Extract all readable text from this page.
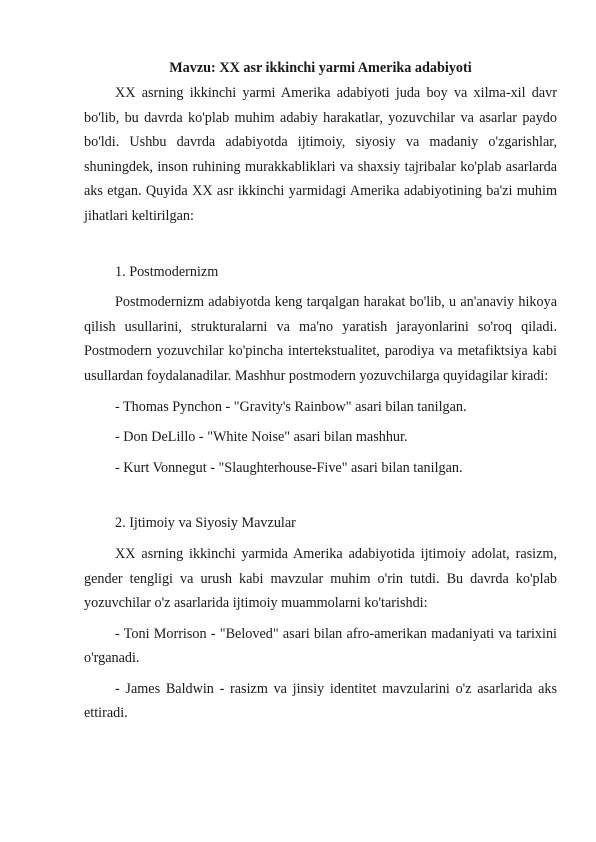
Mavzu: XX asr ikkinchi yarmi Amerika adabiyoti

XX asrning ikkinchi yarmi Amerika adabiyoti juda boy va xilma-xil davr bo'lib, bu davrda ko'plab muhim adabiy harakatlar, yozuvchilar va asarlar paydo bo'ldi. Ushbu davrda adabiyotda ijtimoiy, siyosiy va madaniy o'zgarishlar, shuningdek, inson ruhining murakkabliklari va shaxsiy tajribalar ko'plab asarlarda aks etgan. Quyida XX asr ikkinchi yarmidagi Amerika adabiyotining ba'zi muhim jihatlari keltirilgan:

1. Postmodernizm

Postmodernizm adabiyotda keng tarqalgan harakat bo'lib, u an'anaviy hikoya qilish usullarini, strukturalarni va ma'no yaratish jarayonlarini so'roq qiladi. Postmodern yozuvchilar ko'pincha intertekstualitet, parodiya va metafiktsiya kabi usullardan foydalanadilar. Mashhur postmodern yozuvchilarga quyidagilar kiradi:

- Thomas Pynchon - "Gravity's Rainbow" asari bilan tanilgan.

- Don DeLillo - "White Noise" asari bilan mashhur.

- Kurt Vonnegut - "Slaughterhouse-Five" asari bilan tanilgan.

2. Ijtimoiy va Siyosiy Mavzular

XX asrning ikkinchi yarmida Amerika adabiyotida ijtimoiy adolat, rasizm, gender tengligi va urush kabi mavzular muhim o'rin tutdi. Bu davrda ko'plab yozuvchilar o'z asarlarida ijtimoiy muammolarni ko'tarishdi:

- Toni Morrison - "Beloved" asari bilan afro-amerikan madaniyati va tarixini o'rganadi.

- James Baldwin - rasizm va jinsiy identitet mavzularini o'z asarlarida aks ettiradi.
